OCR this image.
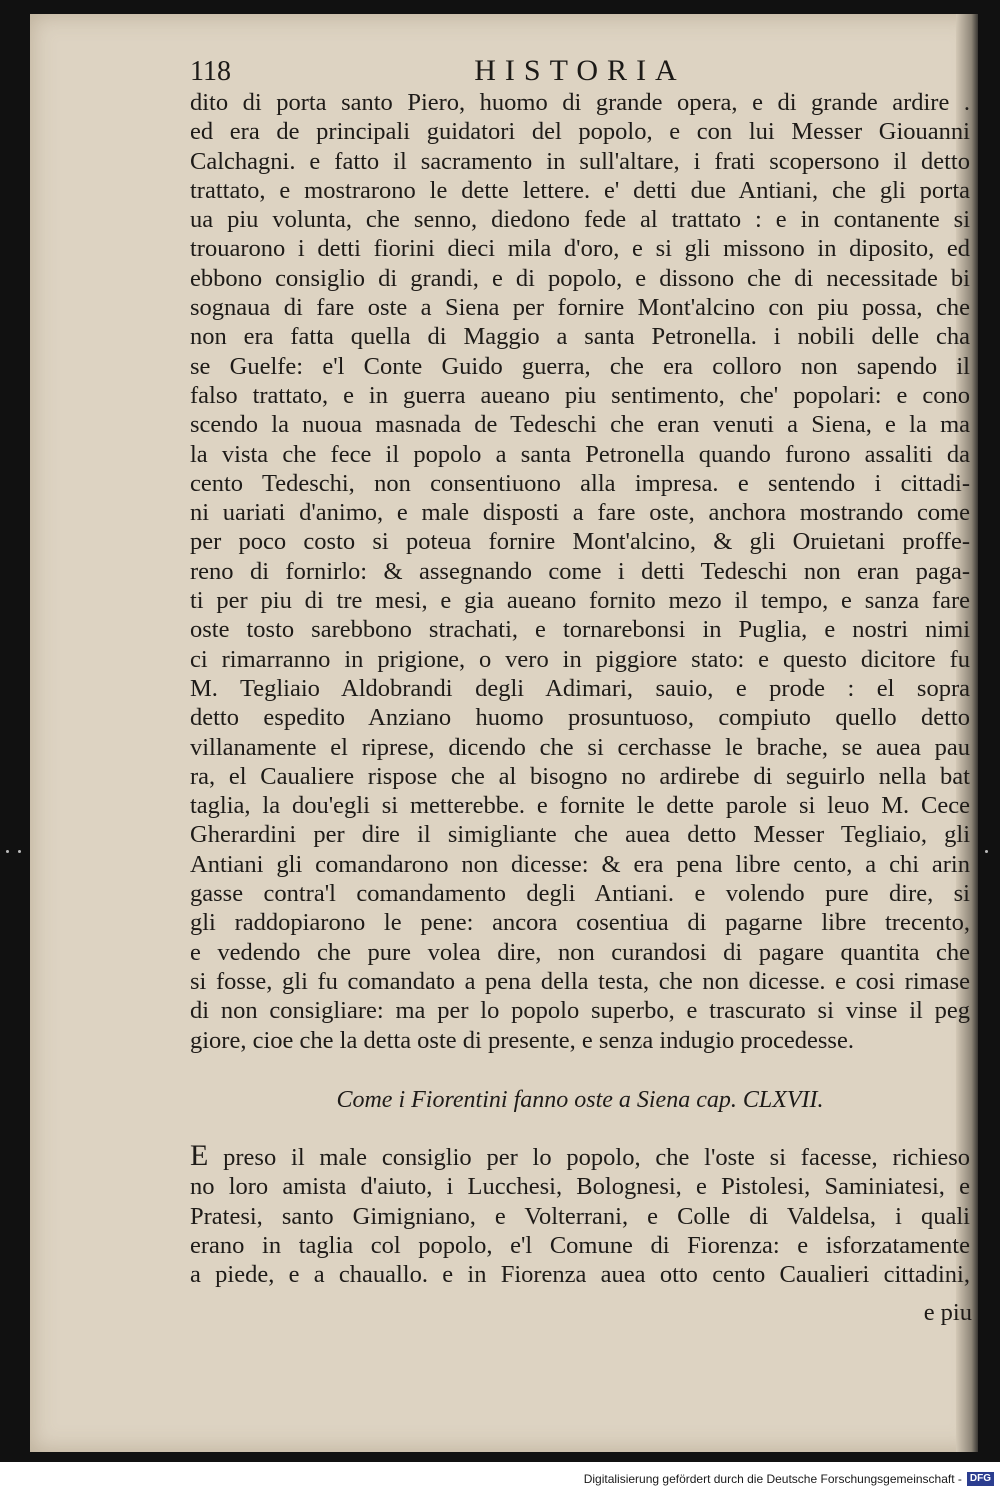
118	HISTORIA
dito di porta santo Piero, huomo di grande opera, e di grande ardire .
ed era de principali guidatori del popolo, e con lui Messer Giouanni
Calchagni. e fatto il sacramento in sull'altare, i frati scopersono il detto
trattato, e mostrarono le dette lettere. e' detti due Antiani, che gli porta
ua piu volunta, che senno, diedono fede al trattato : e in contanente si
trouarono i detti fiorini dieci mila d'oro, e si gli missono in diposito, ed
ebbono consiglio di grandi, e di popolo, e dissono che di necessitade bi
sognaua di fare oste a Siena per fornire Mont'alcino con piu possa, che
non era fatta quella di Maggio a santa Petronella. i nobili delle cha
se Guelfe: e'l Conte Guido guerra, che era colloro non sapendo il
falso trattato, e in guerra aueano piu sentimento, che' popolari: e cono
scendo la nuoua masnada de Tedeschi che eran venuti a Siena, e la ma
la vista che fece il popolo a santa Petronella quando furono assaliti da
cento Tedeschi, non consentiuono alla impresa. e sentendo i cittadi-
ni uariati d'animo, e male disposti a fare oste, anchora mostrando come
per poco costo si poteua fornire Mont'alcino, & gli Oruietani proffe-
reno di fornirlo: & assegnando come i detti Tedeschi non eran paga-
ti per piu di tre mesi, e gia aueano fornito mezo il tempo, e sanza fare
oste tosto sarebbono strachati, e tornarebonsi in Puglia, e nostri nimi
ci rimarranno in prigione, o vero in piggiore stato: e questo dicitore fu
M. Tegliaio Aldobrandi degli Adimari, sauio, e prode : el sopra
detto espedito Anziano huomo prosuntuoso, compiuto quello detto
villanamente el riprese, dicendo che si cerchasse le brache, se auea pau
ra, el Caualiere rispose che al bisogno no ardirebe di seguirlo nella bat
taglia, la dou'egli si metterebbe. e fornite le dette parole si leuo M. Cece
Gherardini per dire il simigliante che auea detto Messer Tegliaio, gli
Antiani gli comandarono non dicesse: & era pena libre cento, a chi arin
gasse contra'l comandamento degli Antiani. e volendo pure dire, si
gli raddopiarono le pene: ancora cosentiua di pagarne libre trecento,
e vedendo che pure volea dire, non curandosi di pagare quantita che
si fosse, gli fu comandato a pena della testa, che non dicesse. e cosi rimase
di non consigliare: ma per lo popolo superbo, e trascurato si vinse il peg
giore, cioe che la detta oste di presente, e senza indugio procedesse.
Come i Fiorentini fanno oste a Siena cap. CLXVII.
E preso il male consiglio per lo popolo, che l'oste si facesse, richieso
no loro amista d'aiuto, i Lucchesi, Bolognesi, e Pistolesi, Saminiatesi, e
Pratesi, santo Gimigniano, e Volterrani, e Colle di Valdelsa, i quali
erano in taglia col popolo, e'l Comune di Fiorenza: e isforzatamente
a piede, e a chauallo. e in Fiorenza auea otto cento Caualieri cittadini,
e piu
Digitalisierung gefördert durch die Deutsche Forschungsgemeinschaft - DFG
